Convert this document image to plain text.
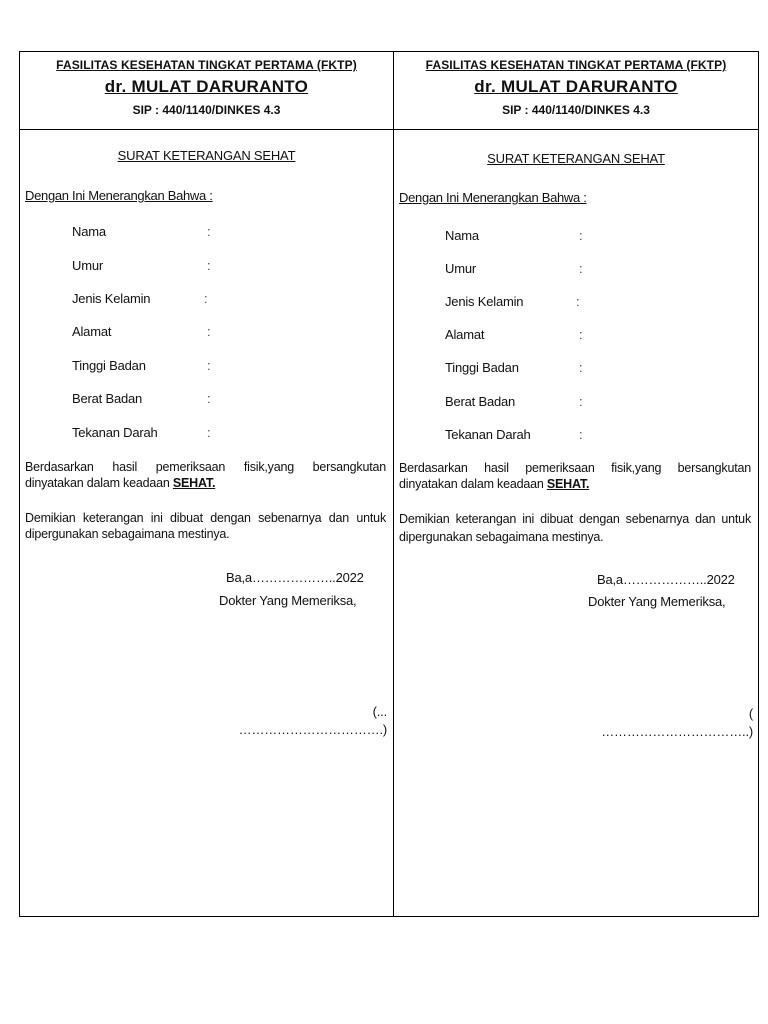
FASILITAS KESEHATAN TINGKAT PERTAMA (FKTP)
dr. MULAT DARURANTO
SIP : 440/1140/DINKES 4.3
SURAT KETERANGAN SEHAT
Dengan Ini Menerangkan Bahwa :
Nama	:
Umur	:
Jenis Kelamin	:
Alamat	:
Tinggi Badan	:
Berat Badan	:
Tekanan Darah	:
Berdasarkan hasil pemeriksaan fisik,yang bersangkutan
dinyatakan dalam keadaan SEHAT.
Demikian keterangan ini dibuat dengan sebenarnya dan untuk
dipergunakan sebagaimana mestinya.
Ba,a………………..2022
Dokter Yang Memeriksa,
(...
…………………………….)
FASILITAS KESEHATAN TINGKAT PERTAMA (FKTP)
dr. MULAT DARURANTO
SIP : 440/1140/DINKES 4.3
SURAT KETERANGAN SEHAT
Dengan Ini Menerangkan Bahwa :
Nama	:
Umur	:
Jenis Kelamin	:
Alamat	:
Tinggi Badan	:
Berat Badan	:
Tekanan Darah	:
Berdasarkan hasil pemeriksaan fisik,yang bersangkutan
dinyatakan dalam keadaan SEHAT.
Demikian keterangan ini dibuat dengan sebenarnya dan untuk
dipergunakan sebagaimana mestinya.
Ba,a………………..2022
Dokter Yang Memeriksa,
(
……………………………..)
